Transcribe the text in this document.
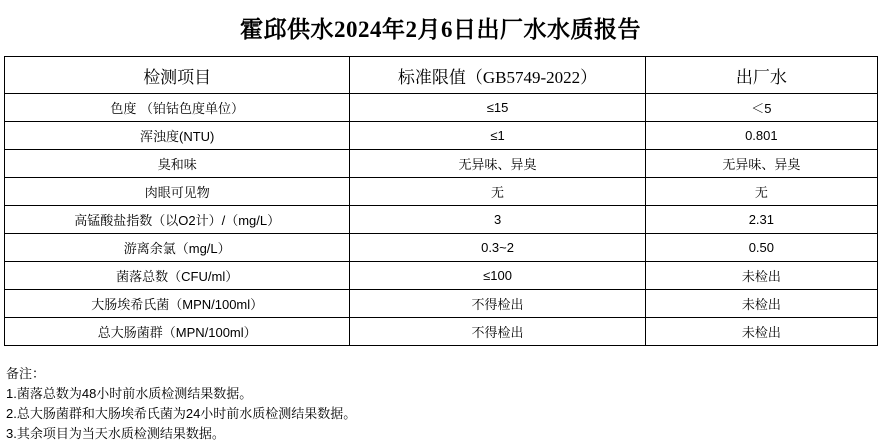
霍邱供水2024年2月6日出厂水水质报告
检测项目	标准限值（GB5749-2022）	出厂水
色度 （铂钴色度单位）	≤15	＜5
浑浊度(NTU)	≤1	0.801
臭和味	无异味、异臭	无异味、异臭
肉眼可见物	无	无
高锰酸盐指数（以O2计）/（mg/L）	3	2.31
游离余氯（mg/L）	0.3~2	0.50
菌落总数（CFU/ml）	≤100	未检出
大肠埃希氏菌（MPN/100ml）	不得检出	未检出
总大肠菌群（MPN/100ml）	不得检出	未检出
备注：
1.菌落总数为48小时前水质检测结果数据。
2.总大肠菌群和大肠埃希氏菌为24小时前水质检测结果数据。
3.其余项目为当天水质检测结果数据。
